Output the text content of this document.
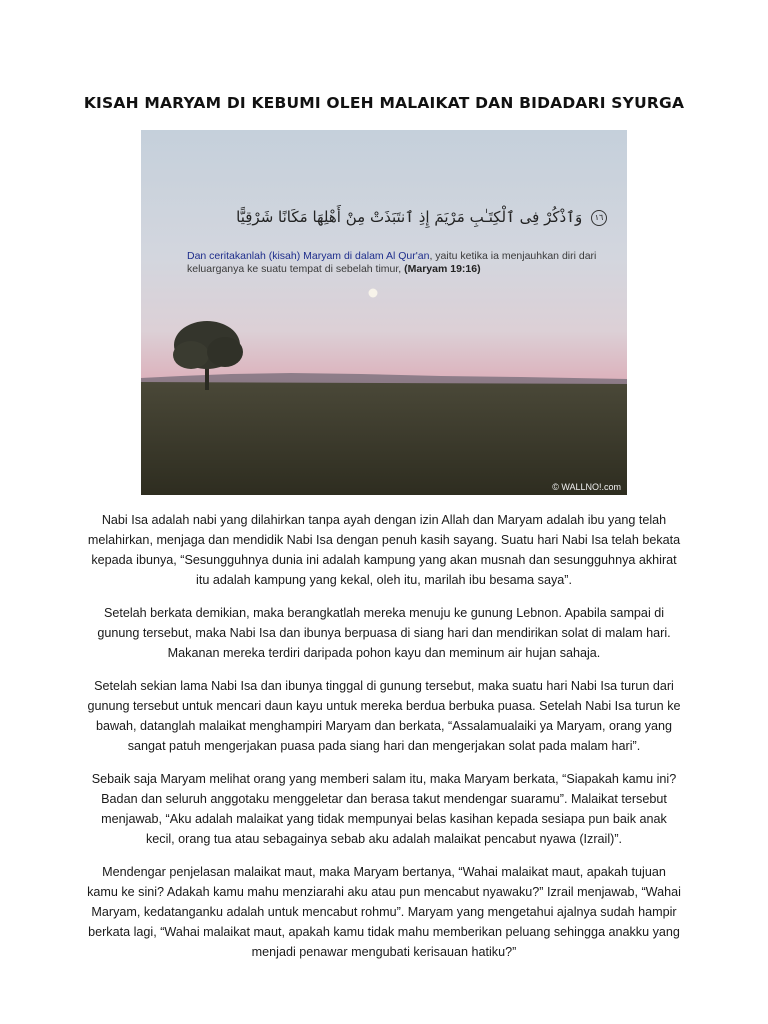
KISAH MARYAM DI KEBUMI OLEH MALAIKAT DAN BIDADARI SYURGA
١٦ وَٱذْكُرْ فِى ٱلْكِتَـٰبِ مَرْيَمَ إِذِ ٱنتَبَذَتْ مِنْ أَهْلِهَا مَكَانًا شَرْقِيًّا
Dan ceritakanlah (kisah) Maryam di dalam Al Qur'an, yaitu ketika ia menjauhkan diri dari keluarganya ke suatu tempat di sebelah timur, (Maryam 19:16)
© WALLNO!.com

Nabi Isa adalah nabi yang dilahirkan tanpa ayah dengan izin Allah dan Maryam adalah ibu yang telah melahirkan, menjaga dan mendidik Nabi Isa dengan penuh kasih sayang. Suatu hari Nabi Isa telah bekata kepada ibunya, “Sesungguhnya dunia ini adalah kampung yang akan musnah dan sesungguhnya akhirat itu adalah kampung yang kekal, oleh itu, marilah ibu besama saya”.

Setelah berkata demikian, maka berangkatlah mereka menuju ke gunung Lebnon. Apabila sampai di gunung tersebut, maka Nabi Isa dan ibunya berpuasa di siang hari dan mendirikan solat di malam hari. Makanan mereka terdiri daripada pohon kayu dan meminum air hujan sahaja.

Setelah sekian lama Nabi Isa dan ibunya tinggal di gunung tersebut, maka suatu hari Nabi Isa turun dari gunung tersebut untuk mencari daun kayu untuk mereka berdua berbuka puasa. Setelah Nabi Isa turun ke bawah, datanglah malaikat menghampiri Maryam dan berkata, “Assalamualaiki ya Maryam, orang yang sangat patuh mengerjakan puasa pada siang hari dan mengerjakan solat pada malam hari”.

Sebaik saja Maryam melihat orang yang memberi salam itu, maka Maryam berkata, “Siapakah kamu ini? Badan dan seluruh anggotaku menggeletar dan berasa takut mendengar suaramu”. Malaikat tersebut menjawab, “Aku adalah malaikat yang tidak mempunyai belas kasihan kepada sesiapa pun baik anak kecil, orang tua atau sebagainya sebab aku adalah malaikat pencabut nyawa (Izrail)”.

Mendengar penjelasan malaikat maut, maka Maryam bertanya, “Wahai malaikat maut, apakah tujuan kamu ke sini? Adakah kamu mahu menziarahi aku atau pun mencabut nyawaku?” Izrail menjawab, “Wahai Maryam, kedatanganku adalah untuk mencabut rohmu”. Maryam yang mengetahui ajalnya sudah hampir berkata lagi, “Wahai malaikat maut, apakah kamu tidak mahu memberikan peluang sehingga anakku yang menjadi penawar mengubati kerisauan hatiku?”
